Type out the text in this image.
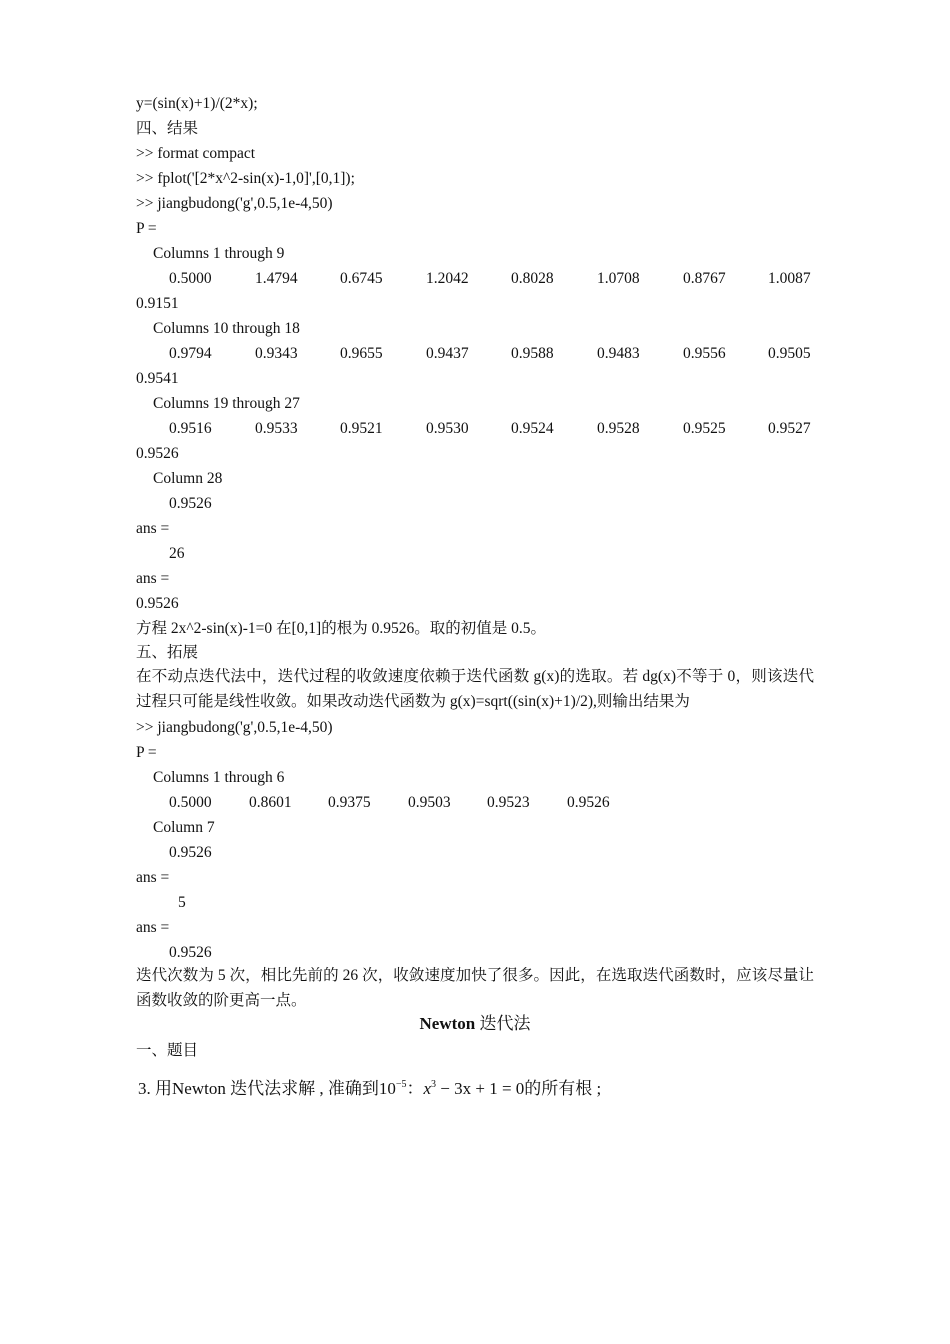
y=(sin(x)+1)/(2*x);
四、结果
>> format compact
>> fplot('[2*x^2-sin(x)-1,0]',[0,1]);
>> jiangbudong('g',0.5,1e-4,50)
P =
Columns 1 through 9
0.5000	1.4794	0.6745	1.2042	0.8028	1.0708	0.8767	1.0087
0.9151
Columns 10 through 18
0.9794	0.9343	0.9655	0.9437	0.9588	0.9483	0.9556	0.9505
0.9541
Columns 19 through 27
0.9516	0.9533	0.9521	0.9530	0.9524	0.9528	0.9525	0.9527
0.9526
Column 28
0.9526
ans =
26
ans =
0.9526
方程 2x^2-sin(x)-1=0 在[0,1]的根为 0.9526。取的初值是 0.5。
五、拓展
在不动点迭代法中，迭代过程的收敛速度依赖于迭代函数 g(x)的选取。若 dg(x)不等于 0，则该迭代过程只可能是线性收敛。如果改动迭代函数为 g(x)=sqrt((sin(x)+1)/2),则输出结果为
>> jiangbudong('g',0.5,1e-4,50)
P =
Columns 1 through 6
0.5000 0.8601 0.9375 0.9503 0.9523 0.9526
Column 7
0.9526
ans =
5
ans =
0.9526
迭代次数为 5 次，相比先前的 26 次，收敛速度加快了很多。因此，在选取迭代函数时，应该尽量让函数收敛的阶更高一点。
Newton 迭代法
一、题目
3. 用Newton 迭代法求解 , 准确到$10^{-5}$：$x^3 - 3x + 1 = 0$的所有根 ;
